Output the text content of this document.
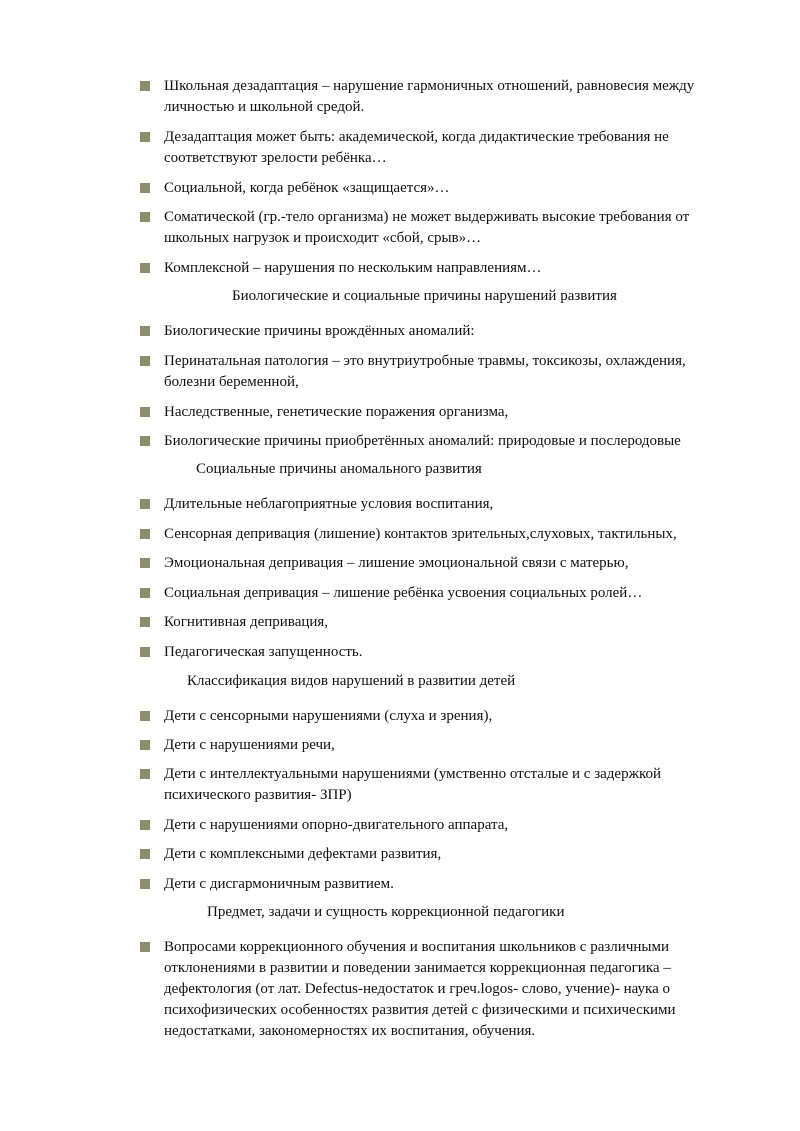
Школьная дезадаптация – нарушение гармоничных отношений, равновесия между личностью и школьной средой.
Дезадаптация может быть: академической, когда дидактические требования не соответствуют зрелости ребёнка…
Социальной, когда ребёнок «защищается»…
Соматической (гр.-тело организма) не может выдерживать высокие требования от школьных нагрузок и происходит «сбой, срыв»…
Комплексной – нарушения по нескольким направлениям…
Биологические и социальные причины нарушений развития
Биологические причины врождённых аномалий:
Перинатальная патология – это внутриутробные травмы, токсикозы, охлаждения, болезни беременной,
Наследственные, генетические поражения организма,
Биологические причины приобретённых аномалий: природовые и послеродовые
Социальные причины аномального развития
Длительные неблагоприятные условия воспитания,
Сенсорная депривация (лишение) контактов зрительных,слуховых, тактильных,
Эмоциональная депривация – лишение эмоциональной связи с матерью,
Социальная депривация – лишение ребёнка усвоения социальных ролей…
Когнитивная депривация,
Педагогическая запущенность.
Классификация видов нарушений в развитии детей
Дети с сенсорными нарушениями (слуха и зрения),
Дети с нарушениями речи,
Дети с интеллектуальными нарушениями (умственно отсталые и с задержкой психического развития- ЗПР)
Дети с нарушениями опорно-двигательного аппарата,
Дети с комплексными дефектами развития,
Дети с дисгармоничным развитием.
Предмет, задачи и сущность коррекционной педагогики
Вопросами коррекционного обучения и воспитания школьников с различными отклонениями в развитии и поведении занимается коррекционная педагогика – дефектология (от лат. Defectus-недостаток и греч.logos- слово, учение)- наука о психофизических особенностях развития детей с физическими и психическими недостатками, закономерностях их воспитания, обучения.
